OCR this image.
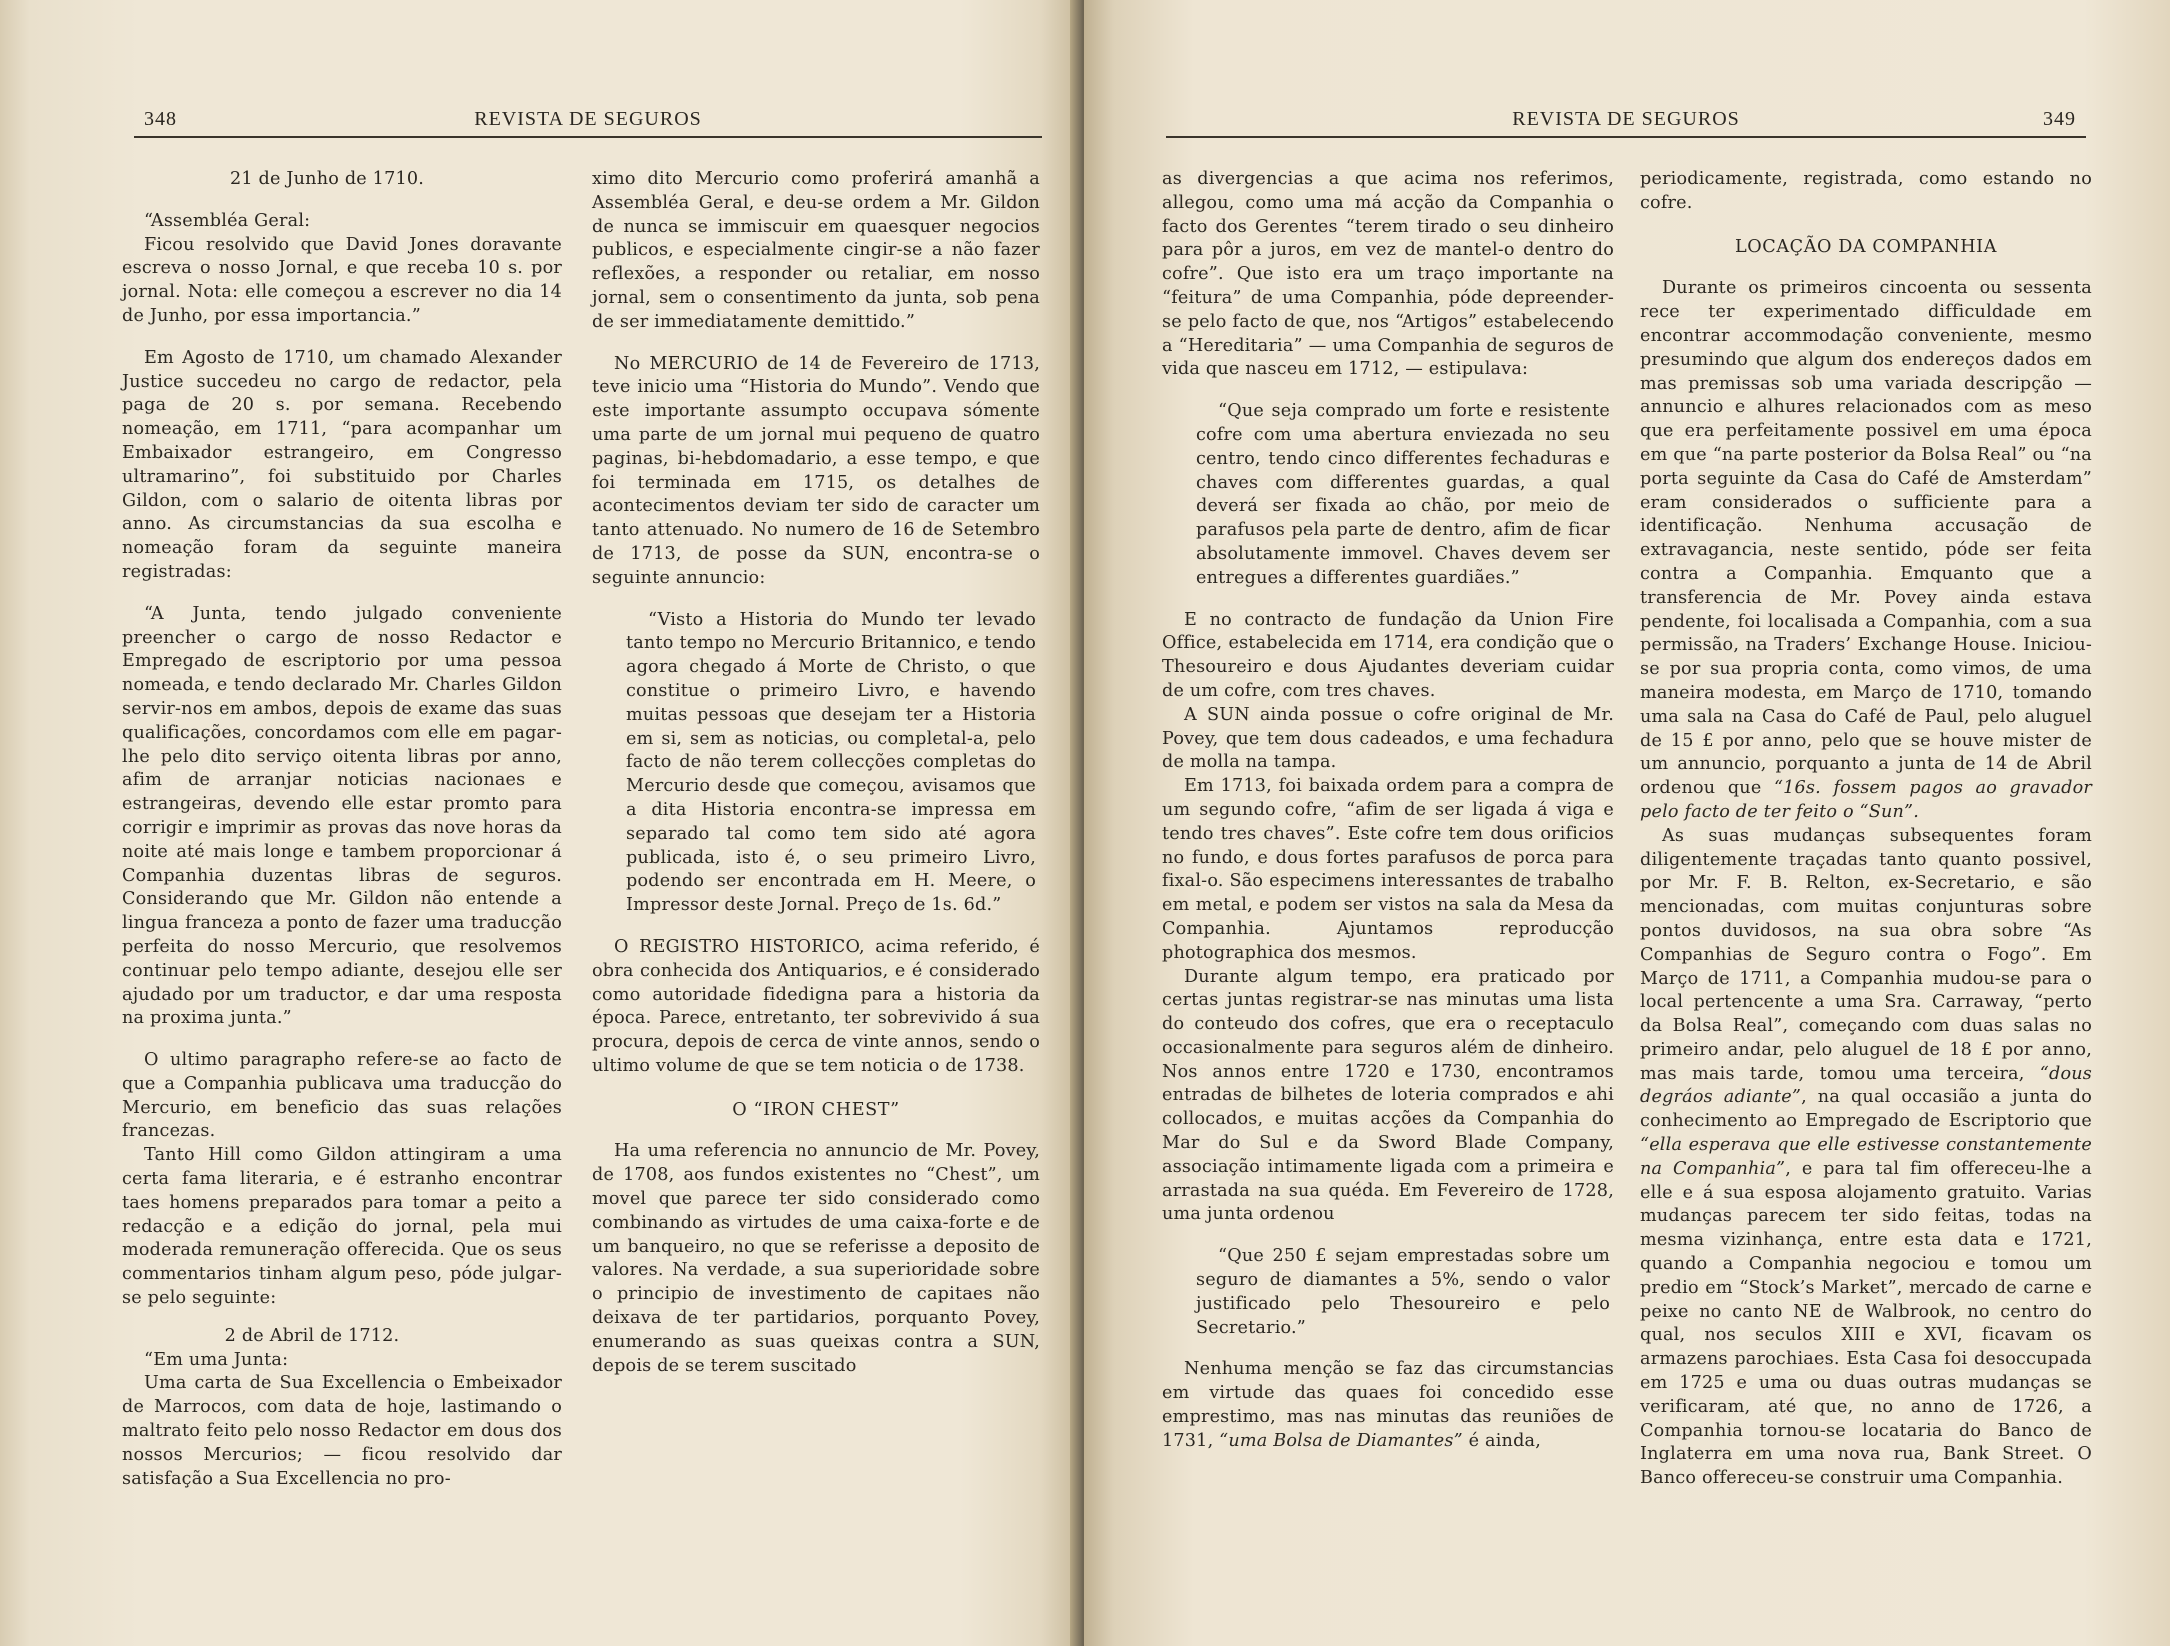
348	REVISTA DE SEGUROS

21 de Junho de 1710.

“Assembléa Geral:

Ficou resolvido que David Jones doravante escreva o nosso Jornal, e que receba 10 s. por jornal. Nota: elle começou a escrever no dia 14 de Junho, por essa importancia.”

Em Agosto de 1710, um chamado Alexander Justice succedeu no cargo de redactor, pela paga de 20 s. por semana. Recebendo nomeação, em 1711, “para acompanhar um Embaixador estrangeiro, em Congresso ultramarino”, foi substituido por Charles Gildon, com o salario de oitenta libras por anno. As circumstancias da sua escolha e nomeação foram da seguinte maneira registradas:

“A Junta, tendo julgado conveniente preencher o cargo de nosso Redactor e Empregado de escriptorio por uma pessoa nomeada, e tendo declarado Mr. Charles Gildon servir-nos em ambos, depois de exame das suas qualificações, concordamos com elle em pagar-lhe pelo dito serviço oitenta libras por anno, afim de arranjar noticias nacionaes e estrangeiras, devendo elle estar promto para corrigir e imprimir as provas das nove horas da noite até mais longe e tambem proporcionar á Companhia duzentas libras de seguros. Considerando que Mr. Gildon não entende a lingua franceza a ponto de fazer uma traducção perfeita do nosso Mercurio, que resolvemos continuar pelo tempo adiante, desejou elle ser ajudado por um traductor, e dar uma resposta na proxima junta.”

O ultimo paragrapho refere-se ao facto de que a Companhia publicava uma traducção do Mercurio, em beneficio das suas relações francezas.

Tanto Hill como Gildon attingiram a uma certa fama literaria, e é estranho encontrar taes homens preparados para tomar a peito a redacção e a edição do jornal, pela mui moderada remuneração offerecida. Que os seus commentarios tinham algum peso, póde julgar-se pelo seguinte:

2 de Abril de 1712.

“Em uma Junta:

Uma carta de Sua Excellencia o Embeixador de Marrocos, com data de hoje, lastimando o maltrato feito pelo nosso Redactor em dous dos nossos Mercurios; — ficou resolvido dar satisfação a Sua Excellencia no pro-

ximo dito Mercurio como proferirá amanhã a Assembléa Geral, e deu-se ordem a Mr. Gildon de nunca se immiscuir em quaesquer negocios publicos, e especialmente cingir-se a não fazer reflexões, a responder ou retaliar, em nosso jornal, sem o consentimento da junta, sob pena de ser immediatamente demittido.”

No MERCURIO de 14 de Fevereiro de 1713, teve inicio uma “Historia do Mundo”. Vendo que este importante assumpto occupava sómente uma parte de um jornal mui pequeno de quatro paginas, bi-hebdomadario, a esse tempo, e que foi terminada em 1715, os detalhes de acontecimentos deviam ter sido de caracter um tanto attenuado. No numero de 16 de Setembro de 1713, de posse da SUN, encontra-se o seguinte annuncio:

“Visto a Historia do Mundo ter levado tanto tempo no Mercurio Britannico, e tendo agora chegado á Morte de Christo, o que constitue o primeiro Livro, e havendo muitas pessoas que desejam ter a Historia em si, sem as noticias, ou completal-a, pelo facto de não terem collecções completas do Mercurio desde que começou, avisamos que a dita Historia encontra-se impressa em separado tal como tem sido até agora publicada, isto é, o seu primeiro Livro, podendo ser encontrada em H. Meere, o Impressor deste Jornal. Preço de 1s. 6d.”

O REGISTRO HISTORICO, acima referido, é obra conhecida dos Antiquarios, e é considerado como autoridade fidedigna para a historia da época. Parece, entretanto, ter sobrevivido á sua procura, depois de cerca de vinte annos, sendo o ultimo volume de que se tem noticia o de 1738.

O “IRON CHEST”

Ha uma referencia no annuncio de Mr. Povey, de 1708, aos fundos existentes no “Chest”, um movel que parece ter sido considerado como combinando as virtudes de uma caixa-forte e de um banqueiro, no que se referisse a deposito de valores. Na verdade, a sua superioridade sobre o principio de investimento de capitaes não deixava de ter partidarios, porquanto Povey, enumerando as suas queixas contra a SUN, depois de se terem suscitado

REVISTA DE SEGUROS	349

as divergencias a que acima nos referimos, allegou, como uma má acção da Companhia o facto dos Gerentes “terem tirado o seu dinheiro para pôr a juros, em vez de mantel-o dentro do cofre”. Que isto era um traço importante na “feitura” de uma Companhia, póde depreender-se pelo facto de que, nos “Artigos” estabelecendo a “Hereditaria” — uma Companhia de seguros de vida que nasceu em 1712, — estipulava:

“Que seja comprado um forte e resistente cofre com uma abertura enviezada no seu centro, tendo cinco differentes fechaduras e chaves com differentes guardas, a qual deverá ser fixada ao chão, por meio de parafusos pela parte de dentro, afim de ficar absolutamente immovel. Chaves devem ser entregues a differentes guardiães.”

E no contracto de fundação da Union Fire Office, estabelecida em 1714, era condição que o Thesoureiro e dous Ajudantes deveriam cuidar de um cofre, com tres chaves.

A SUN ainda possue o cofre original de Mr. Povey, que tem dous cadeados, e uma fechadura de molla na tampa.

Em 1713, foi baixada ordem para a compra de um segundo cofre, “afim de ser ligada á viga e tendo tres chaves”. Este cofre tem dous orificios no fundo, e dous fortes parafusos de porca para fixal-o. São especimens interessantes de trabalho em metal, e podem ser vistos na sala da Mesa da Companhia. Ajuntamos reproducção photographica dos mesmos.

Durante algum tempo, era praticado por certas juntas registrar-se nas minutas uma lista do conteudo dos cofres, que era o receptaculo occasionalmente para seguros além de dinheiro. Nos annos entre 1720 e 1730, encontramos entradas de bilhetes de loteria comprados e ahi collocados, e muitas acções da Companhia do Mar do Sul e da Sword Blade Company, associação intimamente ligada com a primeira e arrastada na sua quéda. Em Fevereiro de 1728, uma junta ordenou

“Que 250 £ sejam emprestadas sobre um seguro de diamantes a 5%, sendo o valor justificado pelo Thesoureiro e pelo Secretario.”

Nenhuma menção se faz das circumstancias em virtude das quaes foi concedido esse emprestimo, mas nas minutas das reuniões de 1731, “uma Bolsa de Diamantes” é ainda,

periodicamente, registrada, como estando no cofre.

LOCAÇÃO DA COMPANHIA

Durante os primeiros cincoenta ou sessenta rece ter experimentado difficuldade em encontrar accommodação conveniente, mesmo presumindo que algum dos endereços dados em mas premissas sob uma variada descripção — annuncio e alhures relacionados com as meso que era perfeitamente possivel em uma época em que “na parte posterior da Bolsa Real” ou “na porta seguinte da Casa do Café de Amsterdam” eram considerados o sufficiente para a identificação. Nenhuma accusação de extravagancia, neste sentido, póde ser feita contra a Companhia. Emquanto que a transferencia de Mr. Povey ainda estava pendente, foi localisada a Companhia, com a sua permissão, na Traders’ Exchange House. Iniciou-se por sua propria conta, como vimos, de uma maneira modesta, em Março de 1710, tomando uma sala na Casa do Café de Paul, pelo aluguel de 15 £ por anno, pelo que se houve mister de um annuncio, porquanto a junta de 14 de Abril ordenou que “16s. fossem pagos ao gravador pelo facto de ter feito o “Sun”.

As suas mudanças subsequentes foram diligentemente traçadas tanto quanto possivel, por Mr. F. B. Relton, ex-Secretario, e são mencionadas, com muitas conjunturas sobre pontos duvidosos, na sua obra sobre “As Companhias de Seguro contra o Fogo”. Em Março de 1711, a Companhia mudou-se para o local pertencente a uma Sra. Carraway, “perto da Bolsa Real”, começando com duas salas no primeiro andar, pelo aluguel de 18 £ por anno, mas mais tarde, tomou uma terceira, “dous degráos adiante”, na qual occasião a junta do conhecimento ao Empregado de Escriptorio que “ella esperava que elle estivesse constantemente na Companhia”, e para tal fim offereceu-lhe a elle e á sua esposa alojamento gratuito. Varias mudanças parecem ter sido feitas, todas na mesma vizinhança, entre esta data e 1721, quando a Companhia negociou e tomou um predio em “Stock’s Market”, mercado de carne e peixe no canto NE de Walbrook, no centro do qual, nos seculos XIII e XVI, ficavam os armazens parochiaes. Esta Casa foi desoccupada em 1725 e uma ou duas outras mudanças se verificaram, até que, no anno de 1726, a Companhia tornou-se locataria do Banco de Inglaterra em uma nova rua, Bank Street. O Banco offereceu-se construir uma Companhia.
